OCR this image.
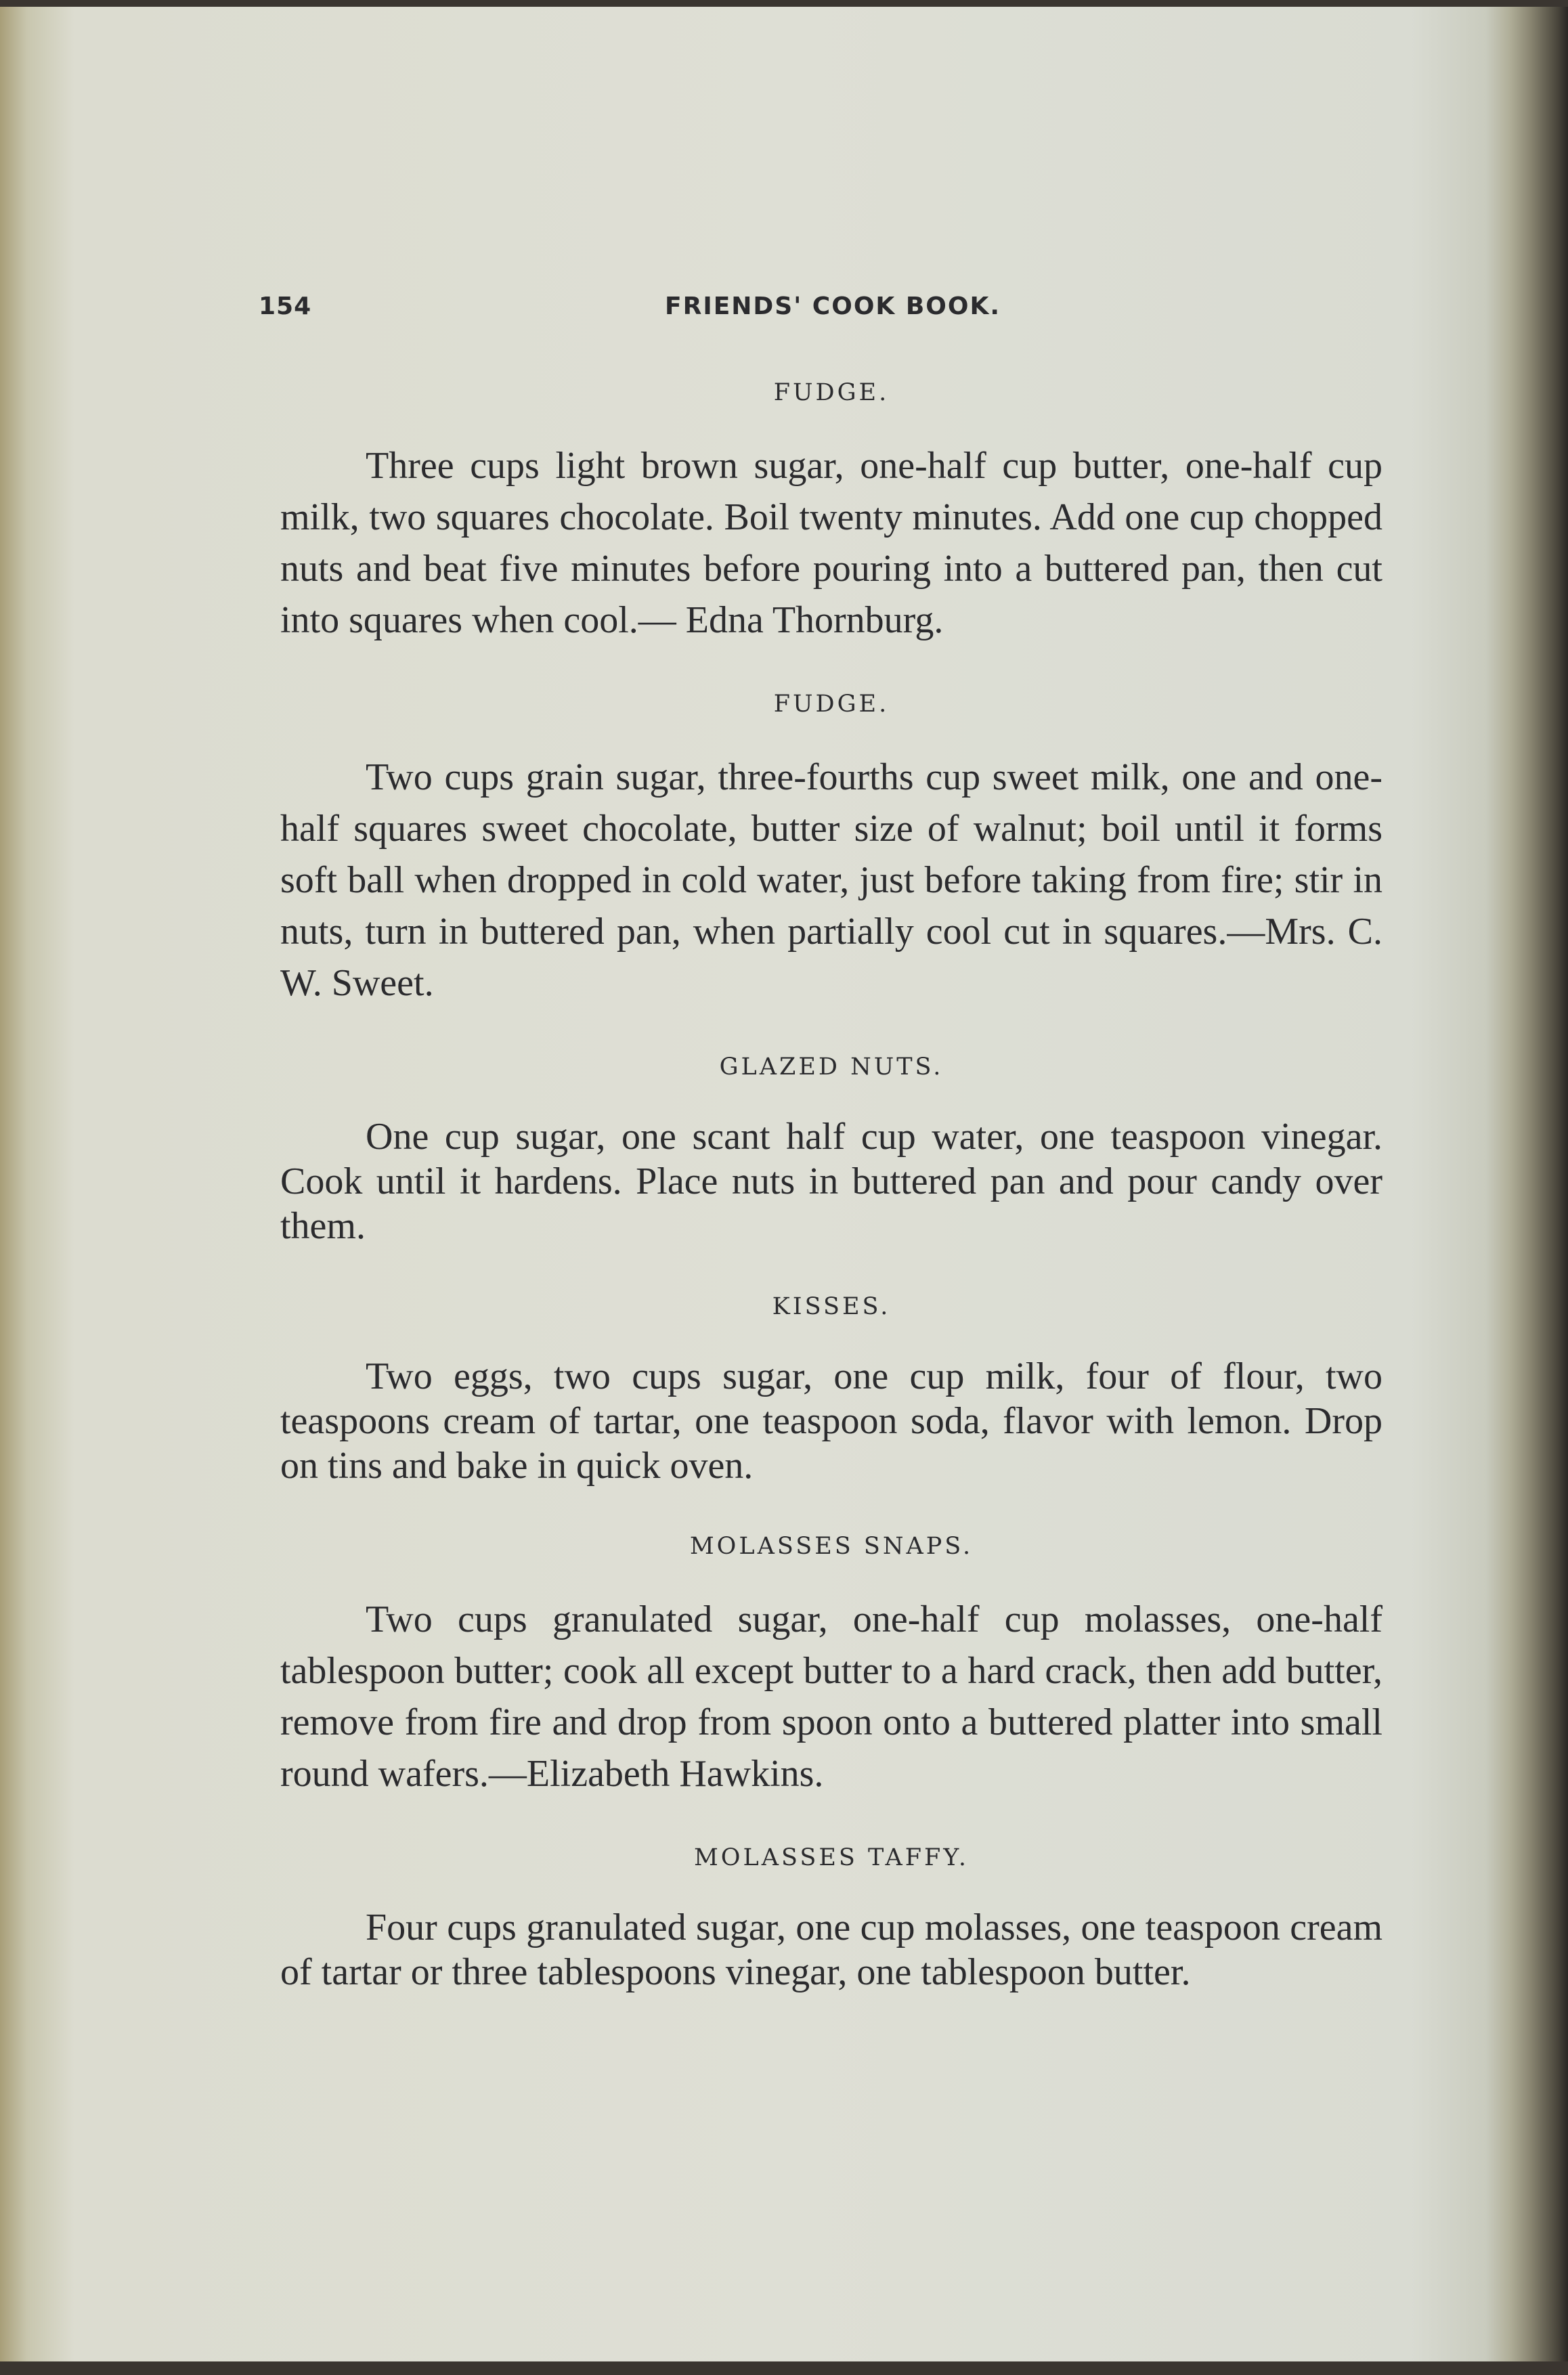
154	FRIENDS' COOK BOOK.
FUDGE.

Three cups light brown sugar, one-half cup butter, one-half cup milk, two squares chocolate. Boil twenty minutes. Add one cup chopped nuts and beat five minutes before pouring into a buttered pan, then cut into squares when cool.— Edna Thornburg.

FUDGE.

Two cups grain sugar, three-fourths cup sweet milk, one and one-half squares sweet chocolate, butter size of walnut; boil until it forms soft ball when dropped in cold water, just before taking from fire; stir in nuts, turn in buttered pan, when partially cool cut in squares.—Mrs. C. W. Sweet.

GLAZED NUTS.

One cup sugar, one scant half cup water, one teaspoon vinegar. Cook until it hardens. Place nuts in buttered pan and pour candy over them.

KISSES.

Two eggs, two cups sugar, one cup milk, four of flour, two teaspoons cream of tartar, one teaspoon soda, flavor with lemon. Drop on tins and bake in quick oven.

MOLASSES SNAPS.

Two cups granulated sugar, one-half cup molasses, one-half tablespoon butter; cook all except butter to a hard crack, then add butter, remove from fire and drop from spoon onto a buttered platter into small round wafers.—Elizabeth Hawkins.

MOLASSES TAFFY.

Four cups granulated sugar, one cup molasses, one teaspoon cream of tartar or three tablespoons vinegar, one tablespoon butter.
